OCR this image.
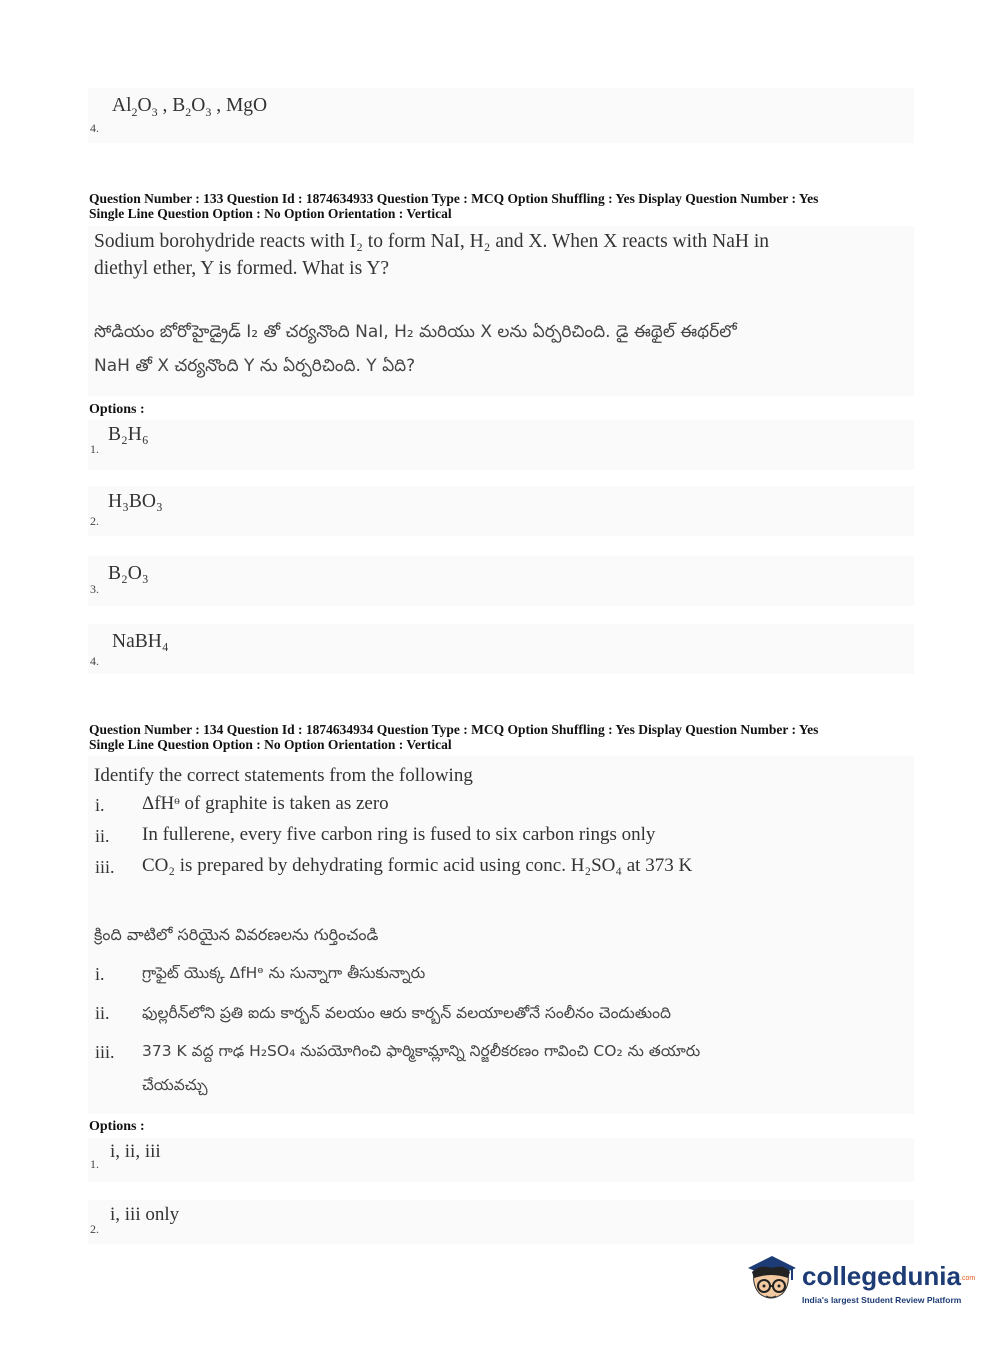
$Al_2O_3$ , $B_2O_3$ , MgO
4.
Question Number : 133 Question Id : 1874634933 Question Type : MCQ Option Shuffling : Yes Display Question Number : Yes
Single Line Question Option : No Option Orientation : Vertical
Sodium borohydride reacts with I₂ to form NaI, H₂ and X. When X reacts with NaH in
diethyl ether, Y is formed. What is Y?
సోడియం బోరోహైడ్రైడ్ I₂ తో చర్యనొంది NaI, H₂ మరియు X లను ఏర్పరిచింది. డై ఈథైల్ ఈథర్‌లో
NaH తో X చర్యనొంది Y ను ఏర్పరిచింది. Y ఏది?
Options :
B₂H₆
1.
H₃BO₃
2.
B₂O₃
3.
NaBH₄
4.
Question Number : 134 Question Id : 1874634934 Question Type : MCQ Option Shuffling : Yes Display Question Number : Yes
Single Line Question Option : No Option Orientation : Vertical
Identify the correct statements from the following
i. ΔfHᶱ of graphite is taken as zero
ii. In fullerene, every five carbon ring is fused to six carbon rings only
iii. CO₂ is prepared by dehydrating formic acid using conc. H₂SO₄ at 373 K
క్రింది వాటిలో సరియైన వివరణలను గుర్తించండి
i. గ్రాఫైట్ యొక్క ΔfHᶱ ను సున్నాగా తీసుకున్నారు
ii. ఫుల్లరీన్‌లోని ప్రతి ఐదు కార్బన్ వలయం ఆరు కార్బన్ వలయాలతోనే సంలీనం చెందుతుంది
iii. 373 K వద్ద గాఢ H₂SO₄ నుపయోగించి ఫార్మికామ్లాన్ని నిర్జలీకరణం గావించి CO₂ ను తయారు
చేయవచ్చు
Options :
i, ii, iii
1.
i, iii only
2.
collegedunia .com
India's largest Student Review Platform
